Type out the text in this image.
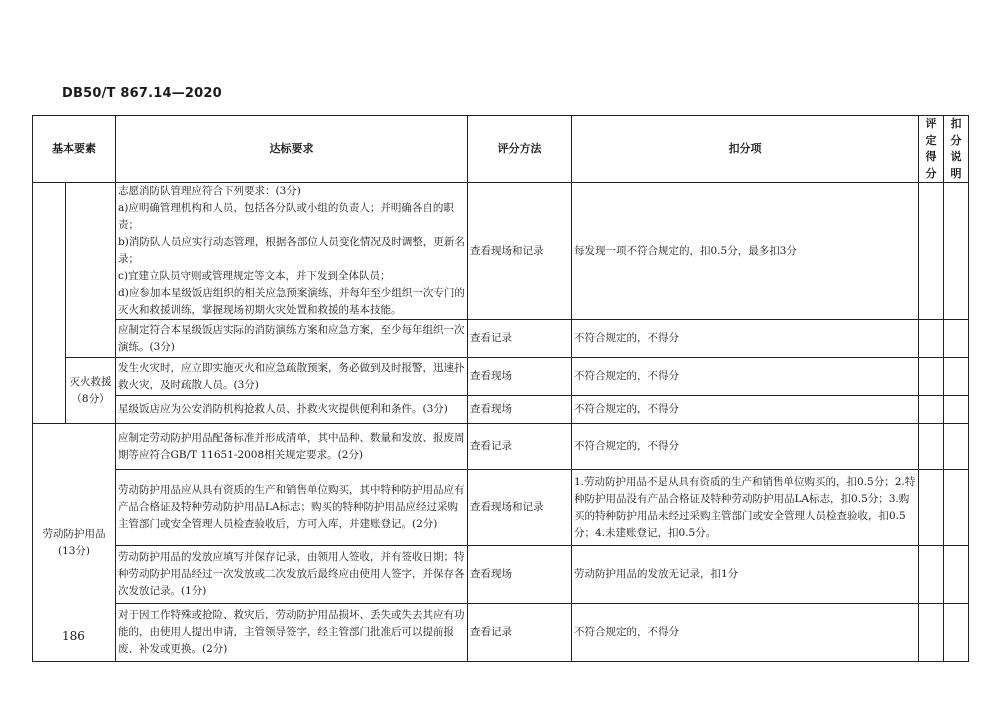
DB50/T 867.14—2020
基本要素		达标要求	评分方法	扣分项	评定得分	扣分说明
		志愿消防队管理应符合下列要求：(3分)
a)应明确管理机构和人员，包括各分队或小组的负责人；并明确各自的职责；
b)消防队人员应实行动态管理，根据各部位人员变化情况及时调整，更新名录；
c)宜建立队员守则或管理规定等文本，并下发到全体队员；
d)应参加本星级饭店组织的相关应急预案演练，并每年至少组织一次专门的灭火和救援训练，掌握现场初期火灾处置和救援的基本技能。	查看现场和记录	每发现一项不符合规定的，扣0.5分，最多扣3分		
		应制定符合本星级饭店实际的消防演练方案和应急方案，至少每年组织一次演练。(3分)	查看记录	不符合规定的，不得分		
	灭火救援（8分）	发生火灾时，应立即实施灭火和应急疏散预案，务必做到及时报警，迅速扑救火灾，及时疏散人员。(3分)	查看现场	不符合规定的，不得分		
		星级饭店应为公安消防机构抢救人员、扑救火灾提供便利和条件。(3分)	查看现场	不符合规定的，不得分		
劳动防护用品(13分)		应制定劳动防护用品配备标准并形成清单，其中品种、数量和发放、报废周期等应符合GB/T 11651-2008相关规定要求。(2分)	查看记录	不符合规定的，不得分		
		劳动防护用品应从具有资质的生产和销售单位购买，其中特种防护用品应有产品合格证及特种劳动防护用品LA标志；购买的特种防护用品应经过采购主管部门或安全管理人员检查验收后，方可入库，并建账登记。(2分)	查看现场和记录	1.劳动防护用品不是从具有资质的生产和销售单位购买的，扣0.5分；2.特种防护用品没有产品合格证及特种劳动防护用品LA标志，扣0.5分；3.购买的特种防护用品未经过采购主管部门或安全管理人员检查验收，扣0.5分；4.未建账登记，扣0.5分。		
		劳动防护用品的发放应填写并保存记录，由领用人签收，并有签收日期；特种劳动防护用品经过一次发放或二次发放后最终应由使用人签字，并保存各次发放记录。(1分)	查看现场	劳动防护用品的发放无记录，扣1分		
		对于因工作特殊或抢险、救灾后，劳动防护用品损坏、丢失或失去其应有功能的，由使用人提出申请，主管领导签字，经主管部门批准后可以提前报废、补发或更换。(2分)	查看记录	不符合规定的，不得分		
186
